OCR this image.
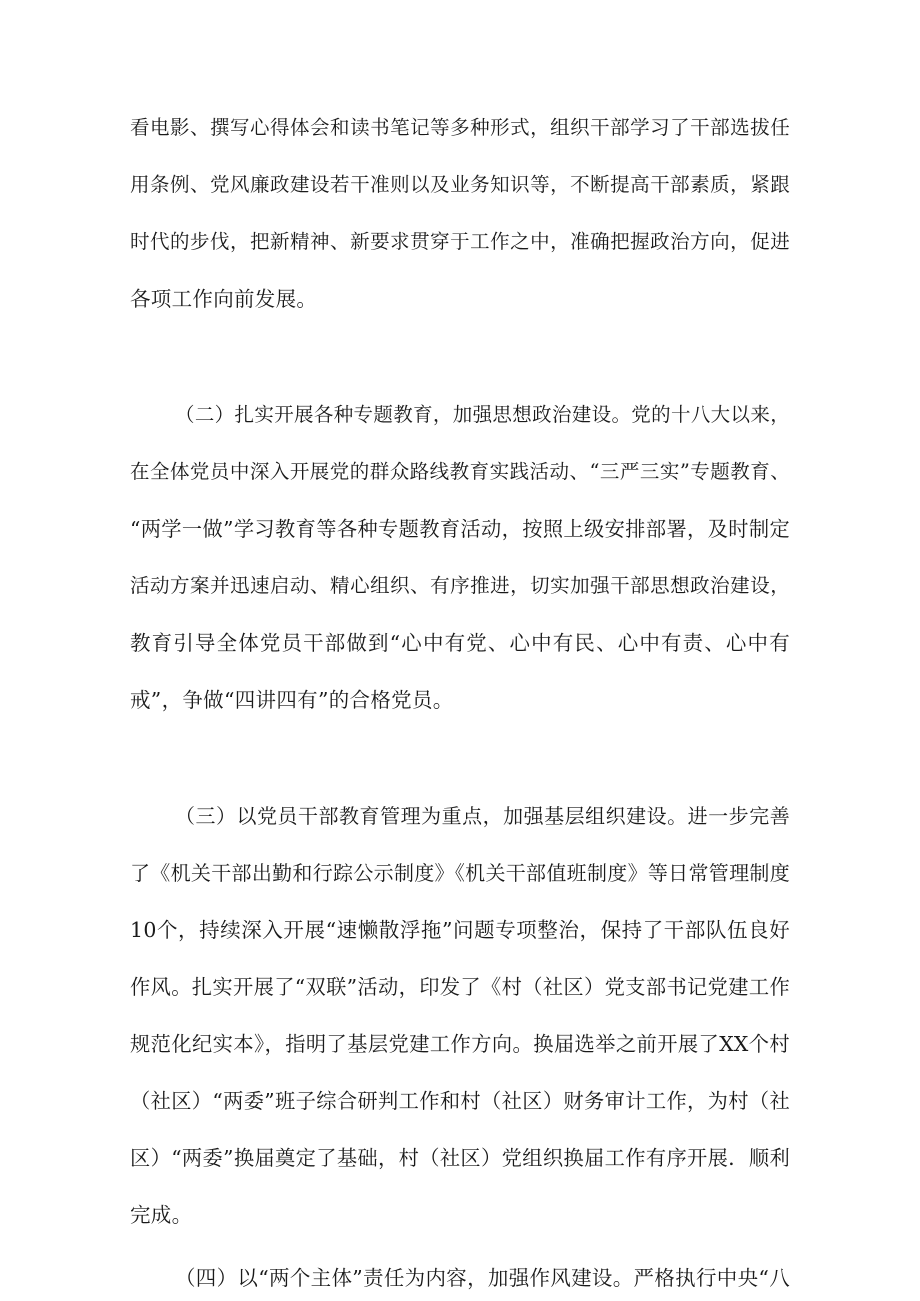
看电影、撰写心得体会和读书笔记等多种形式，组织干部学习了干部选拔任
用条例、党风廉政建设若干准则以及业务知识等，不断提高干部素质，紧跟
时代的步伐，把新精神、新要求贯穿于工作之中，准确把握政治方向，促进
各项工作向前发展。
（二）扎实开展各种专题教育，加强思想政治建设。党的十八大以来，
在全体党员中深入开展党的群众路线教育实践活动、“三严三实”专题教育、
“两学一做”学习教育等各种专题教育活动，按照上级安排部署，及时制定
活动方案并迅速启动、精心组织、有序推进，切实加强干部思想政治建设，
教育引导全体党员干部做到“心中有党、心中有民、心中有责、心中有
戒”，争做“四讲四有”的合格党员。
（三）以党员干部教育管理为重点，加强基层组织建设。进一步完善
了《机关干部出勤和行踪公示制度》《机关干部值班制度》等日常管理制度
10个，持续深入开展“速懒散浮拖”问题专项整治，保持了干部队伍良好
作风。扎实开展了“双联”活动，印发了《村（社区）党支部书记党建工作
规范化纪实本》，指明了基层党建工作方向。换届选举之前开展了XX个村
（社区）“两委”班子综合研判工作和村（社区）财务审计工作，为村（社
区）“两委”换届奠定了基础，村（社区）党组织换届工作有序开展．顺利
完成。
（四）以“两个主体”责任为内容，加强作风建设。严格执行中央“八
